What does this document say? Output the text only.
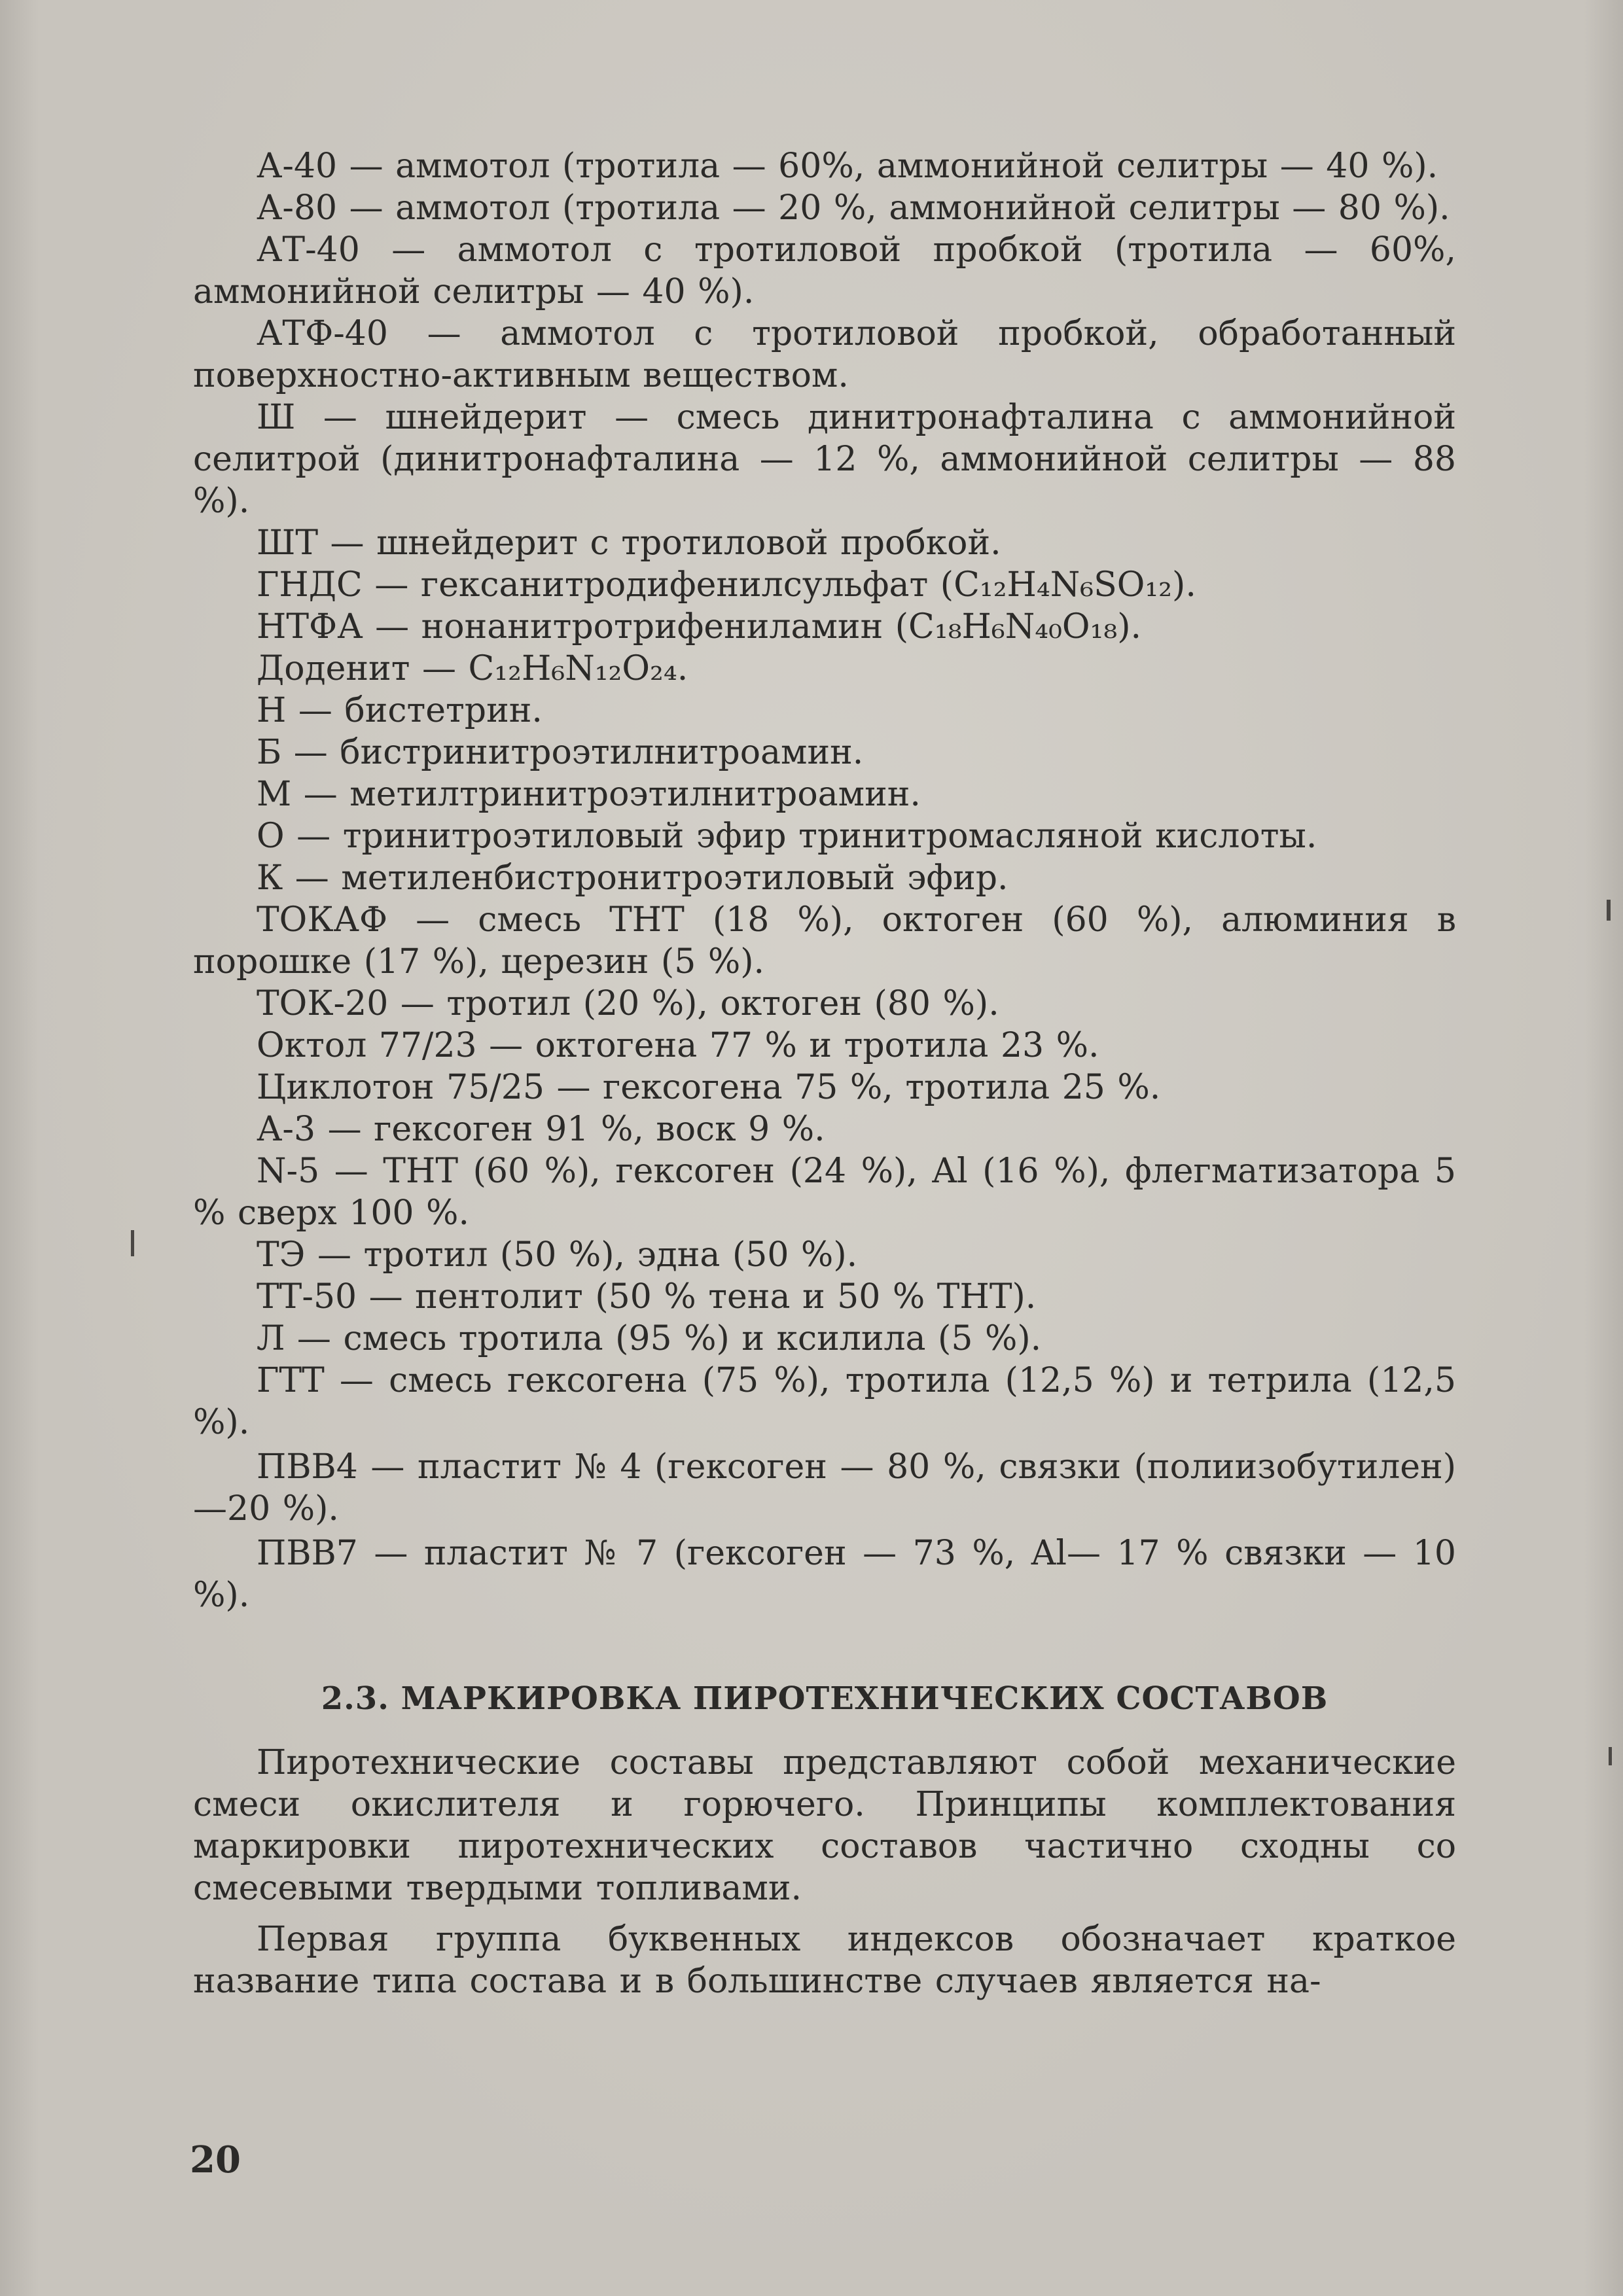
А-40 — аммотол (тротила — 60%, аммонийной селитры — 40 %).

А-80 — аммотол (тротила — 20 %, аммонийной селитры — 80 %).

АТ-40 — аммотол с тротиловой пробкой (тротила — 60%, аммонийной селитры — 40 %).

АТФ-40 — аммотол с тротиловой пробкой, обработанный поверхностно-активным веществом.

Ш — шнейдерит — смесь динитронафталина с аммонийной селитрой (динитронафталина — 12 %, аммонийной селитры — 88 %).

ШТ — шнейдерит с тротиловой пробкой.

ГНДС — гексанитродифенилсульфат (C₁₂H₄N₆SO₁₂).

НТФА — нонанитротрифениламин (C₁₈H₆N₄₀O₁₈).

Доденит — C₁₂H₆N₁₂O₂₄.

Н — бистетрин.

Б — бистринитроэтилнитроамин.

М — метилтринитроэтилнитроамин.

О — тринитроэтиловый эфир тринитромасляной кислоты.

К — метиленбистронитроэтиловый эфир.

ТОКАФ — смесь ТНТ (18 %), октоген (60 %), алюминия в порошке (17 %), церезин (5 %).

ТОК-20 — тротил (20 %), октоген (80 %).

Октол 77/23 — октогена 77 % и тротила 23 %.

Циклотон 75/25 — гексогена 75 %, тротила 25 %.

А-3 — гексоген 91 %, воск 9 %.

N-5 — ТНТ (60 %), гексоген (24 %), Al (16 %), флегматизатора 5 % сверх 100 %.

ТЭ — тротил (50 %), эдна (50 %).

ТТ-50 — пентолит (50 % тена и 50 % ТНТ).

Л — смесь тротила (95 %) и ксилила (5 %).

ГТТ — смесь гексогена (75 %), тротила (12,5 %) и тетрила (12,5 %).

ПВВ4 — пластит № 4 (гексоген — 80 %, связки (полиизобутилен)—20 %).

ПВВ7 — пластит № 7 (гексоген — 73 %, Al— 17 % связки — 10 %).

2.3. МАРКИРОВКА ПИРОТЕХНИЧЕСКИХ СОСТАВОВ

Пиротехнические составы представляют собой механические смеси окислителя и горючего. Принципы комплектования маркировки пиротехнических составов частично сходны со смесевыми твердыми топливами.

Первая группа буквенных индексов обозначает краткое название типа состава и в большинстве случаев является на-

20
